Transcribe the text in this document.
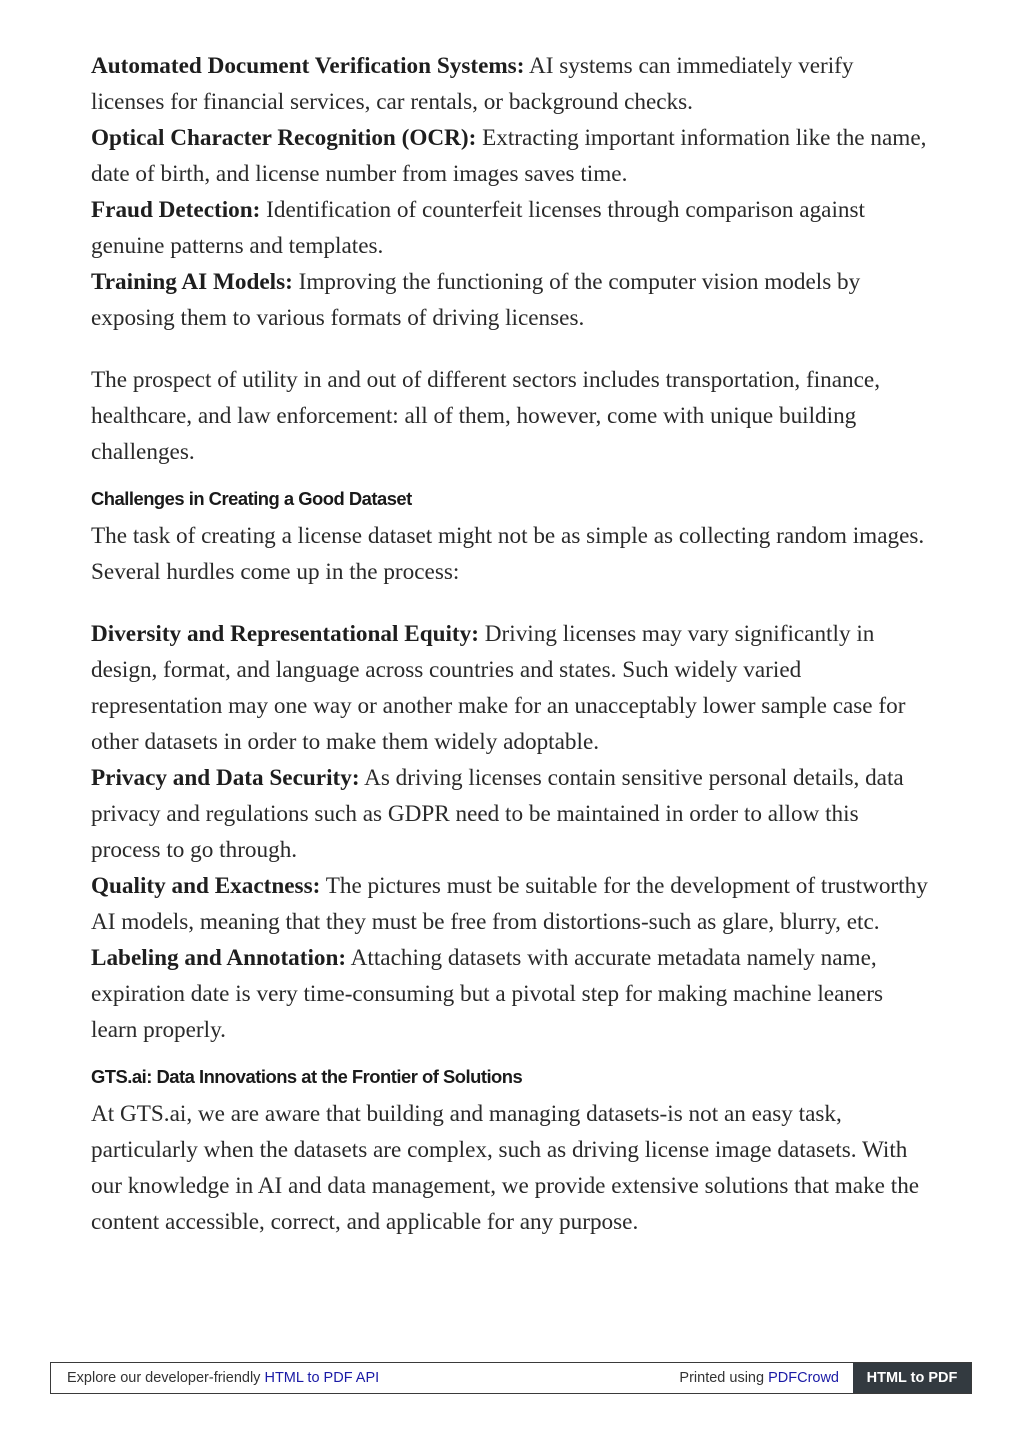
Automated Document Verification Systems: AI systems can immediately verify licenses for financial services, car rentals, or background checks.

Optical Character Recognition (OCR): Extracting important information like the name, date of birth, and license number from images saves time.

Fraud Detection: Identification of counterfeit licenses through comparison against genuine patterns and templates.

Training AI Models: Improving the functioning of the computer vision models by exposing them to various formats of driving licenses.

The prospect of utility in and out of different sectors includes transportation, finance, healthcare, and law enforcement: all of them, however, come with unique building challenges.

Challenges in Creating a Good Dataset

The task of creating a license dataset might not be as simple as collecting random images. Several hurdles come up in the process:

Diversity and Representational Equity: Driving licenses may vary significantly in design, format, and language across countries and states. Such widely varied representation may one way or another make for an unacceptably lower sample case for other datasets in order to make them widely adoptable.

Privacy and Data Security: As driving licenses contain sensitive personal details, data privacy and regulations such as GDPR need to be maintained in order to allow this process to go through.

Quality and Exactness: The pictures must be suitable for the development of trustworthy AI models, meaning that they must be free from distortions-such as glare, blurry, etc.

Labeling and Annotation: Attaching datasets with accurate metadata namely name, expiration date is very time-consuming but a pivotal step for making machine leaners learn properly.

GTS.ai: Data Innovations at the Frontier of Solutions

At GTS.ai, we are aware that building and managing datasets-is not an easy task, particularly when the datasets are complex, such as driving license image datasets. With our knowledge in AI and data management, we provide extensive solutions that make the content accessible, correct, and applicable for any purpose.

Explore our developer-friendly HTML to PDF API	Printed using PDFCrowd	HTML to PDF
